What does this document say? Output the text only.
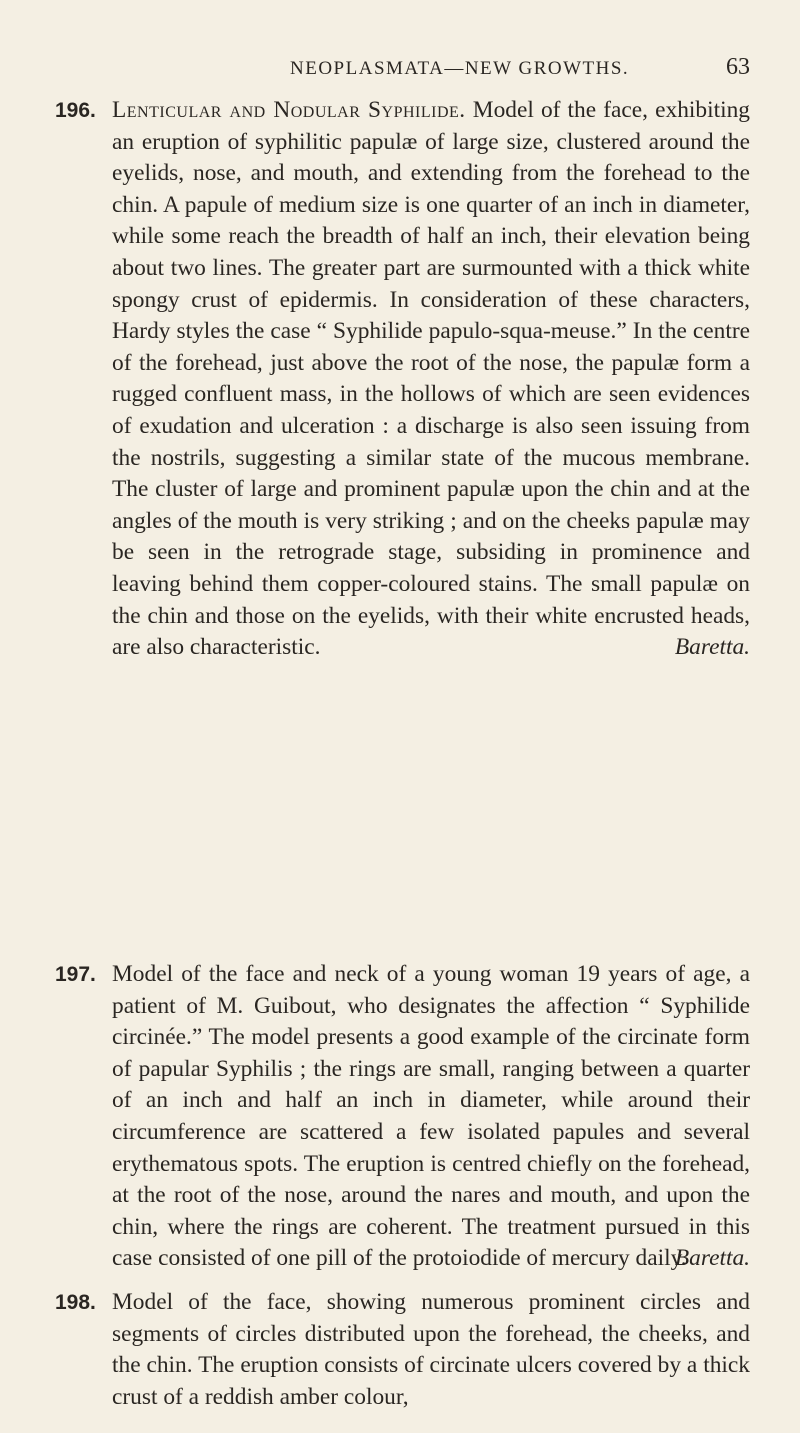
NEOPLASMATA—NEW GROWTHS.	63
196. Lenticular and Nodular Syphilide. Model of the face, exhibiting an eruption of syphilitic papulæ of large size, clustered around the eyelids, nose, and mouth, and extending from the forehead to the chin. A papule of medium size is one quarter of an inch in diameter, while some reach the breadth of half an inch, their elevation being about two lines. The greater part are surmounted with a thick white spongy crust of epidermis. In consideration of these characters, Hardy styles the case “ Syphilide papulo-squa-meuse.” In the centre of the forehead, just above the root of the nose, the papulæ form a rugged confluent mass, in the hollows of which are seen evidences of exudation and ulceration : a discharge is also seen issuing from the nostrils, suggesting a similar state of the mucous membrane. The cluster of large and prominent papulæ upon the chin and at the angles of the mouth is very striking ; and on the cheeks papulæ may be seen in the retrograde stage, subsiding in prominence and leaving behind them copper-coloured stains. The small papulæ on the chin and those on the eyelids, with their white encrusted heads, are also characteristic.	Baretta.
197. Model of the face and neck of a young woman 19 years of age, a patient of M. Guibout, who designates the affection “ Syphilide circinée.” The model presents a good example of the circinate form of papular Syphilis ; the rings are small, ranging between a quarter of an inch and half an inch in diameter, while around their circumference are scattered a few isolated papules and several erythematous spots. The eruption is centred chiefly on the forehead, at the root of the nose, around the nares and mouth, and upon the chin, where the rings are coherent. The treatment pursued in this case consisted of one pill of the protoiodide of mercury daily.

Baretta.
198. Model of the face, showing numerous prominent circles and segments of circles distributed upon the forehead, the cheeks, and the chin. The eruption consists of circinate ulcers covered by a thick crust of a reddish amber colour,
